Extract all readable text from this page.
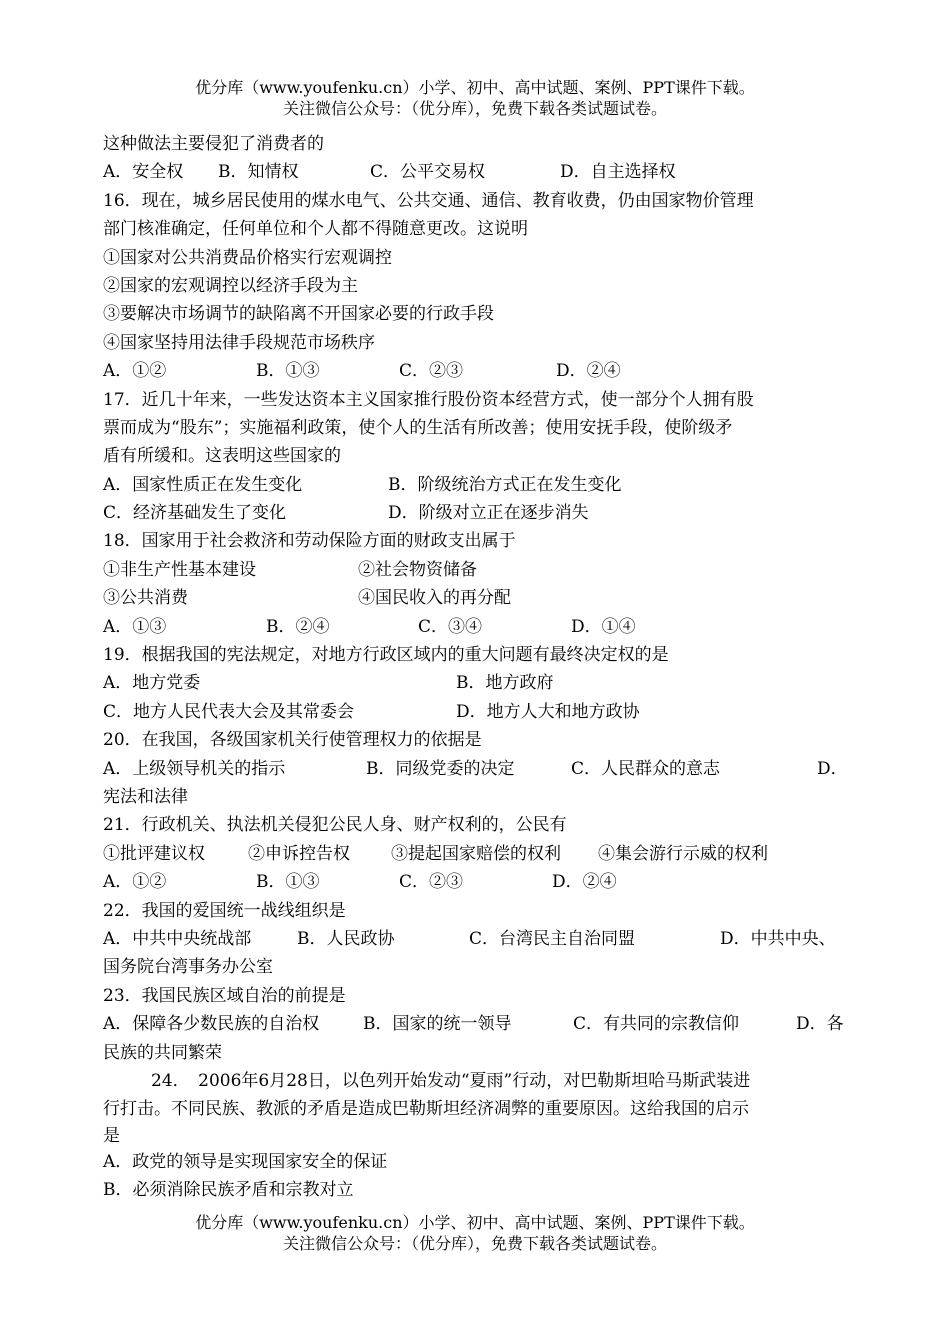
优分库（www.youfenku.cn）小学、初中、高中试题、案例、PPT课件下载。
关注微信公众号：（优分库），免费下载各类试题试卷。
这种做法主要侵犯了消费者的
A．安全权 B．知情权	C．公平交易权	D．自主选择权
16．现在，城乡居民使用的煤水电气、公共交通、通信、教育收费，仍由国家物价管理
部门核准确定，任何单位和个人都不得随意更改。这说明
①国家对公共消费品价格实行宏观调控
②国家的宏观调控以经济手段为主
③要解决市场调节的缺陷离不开国家必要的行政手段
④国家坚持用法律手段规范市场秩序
A．①②	B．①③	C．②③	D．②④
17．近几十年来，一些发达资本主义国家推行股份资本经营方式，使一部分个人拥有股
票而成为“股东”；实施福利政策，使个人的生活有所改善；使用安抚手段，使阶级矛
盾有所缓和。这表明这些国家的
A．国家性质正在发生变化	B．阶级统治方式正在发生变化
C．经济基础发生了变化	D．阶级对立正在逐步消失
18．国家用于社会救济和劳动保险方面的财政支出属于
①非生产性基本建设	②社会物资储备
③公共消费	④国民收入的再分配
A．①③	B．②④	C．③④	D．①④
19．根据我国的宪法规定，对地方行政区域内的重大问题有最终决定权的是
A．地方党委	B．地方政府
C．地方人民代表大会及其常委会	D．地方人大和地方政协
20．在我国，各级国家机关行使管理权力的依据是
A．上级领导机关的指示	B．同级党委的决定	C．人民群众的意志	D．
宪法和法律
21．行政机关、执法机关侵犯公民人身、财产权利的，公民有
①批评建议权	②申诉控告权 ③提起国家赔偿的权利 ④集会游行示威的权利
A．①②	B．①③	C．②③	D．②④
22．我国的爱国统一战线组织是
A．中共中央统战部	B．人民政协	C．台湾民主自治同盟	D．中共中央、
国务院台湾事务办公室
23．我国民族区域自治的前提是
A．保障各少数民族的自治权	B．国家的统一领导	C．有共同的宗教信仰	D．各
民族的共同繁荣
24．　2006年6月28日，以色列开始发动“夏雨”行动，对巴勒斯坦哈马斯武装进
行打击。不同民族、教派的矛盾是造成巴勒斯坦经济凋弊的重要原因。这给我国的启示
是
A．政党的领导是实现国家安全的保证
B．必须消除民族矛盾和宗教对立
优分库（www.youfenku.cn）小学、初中、高中试题、案例、PPT课件下载。
关注微信公众号：（优分库），免费下载各类试题试卷。
